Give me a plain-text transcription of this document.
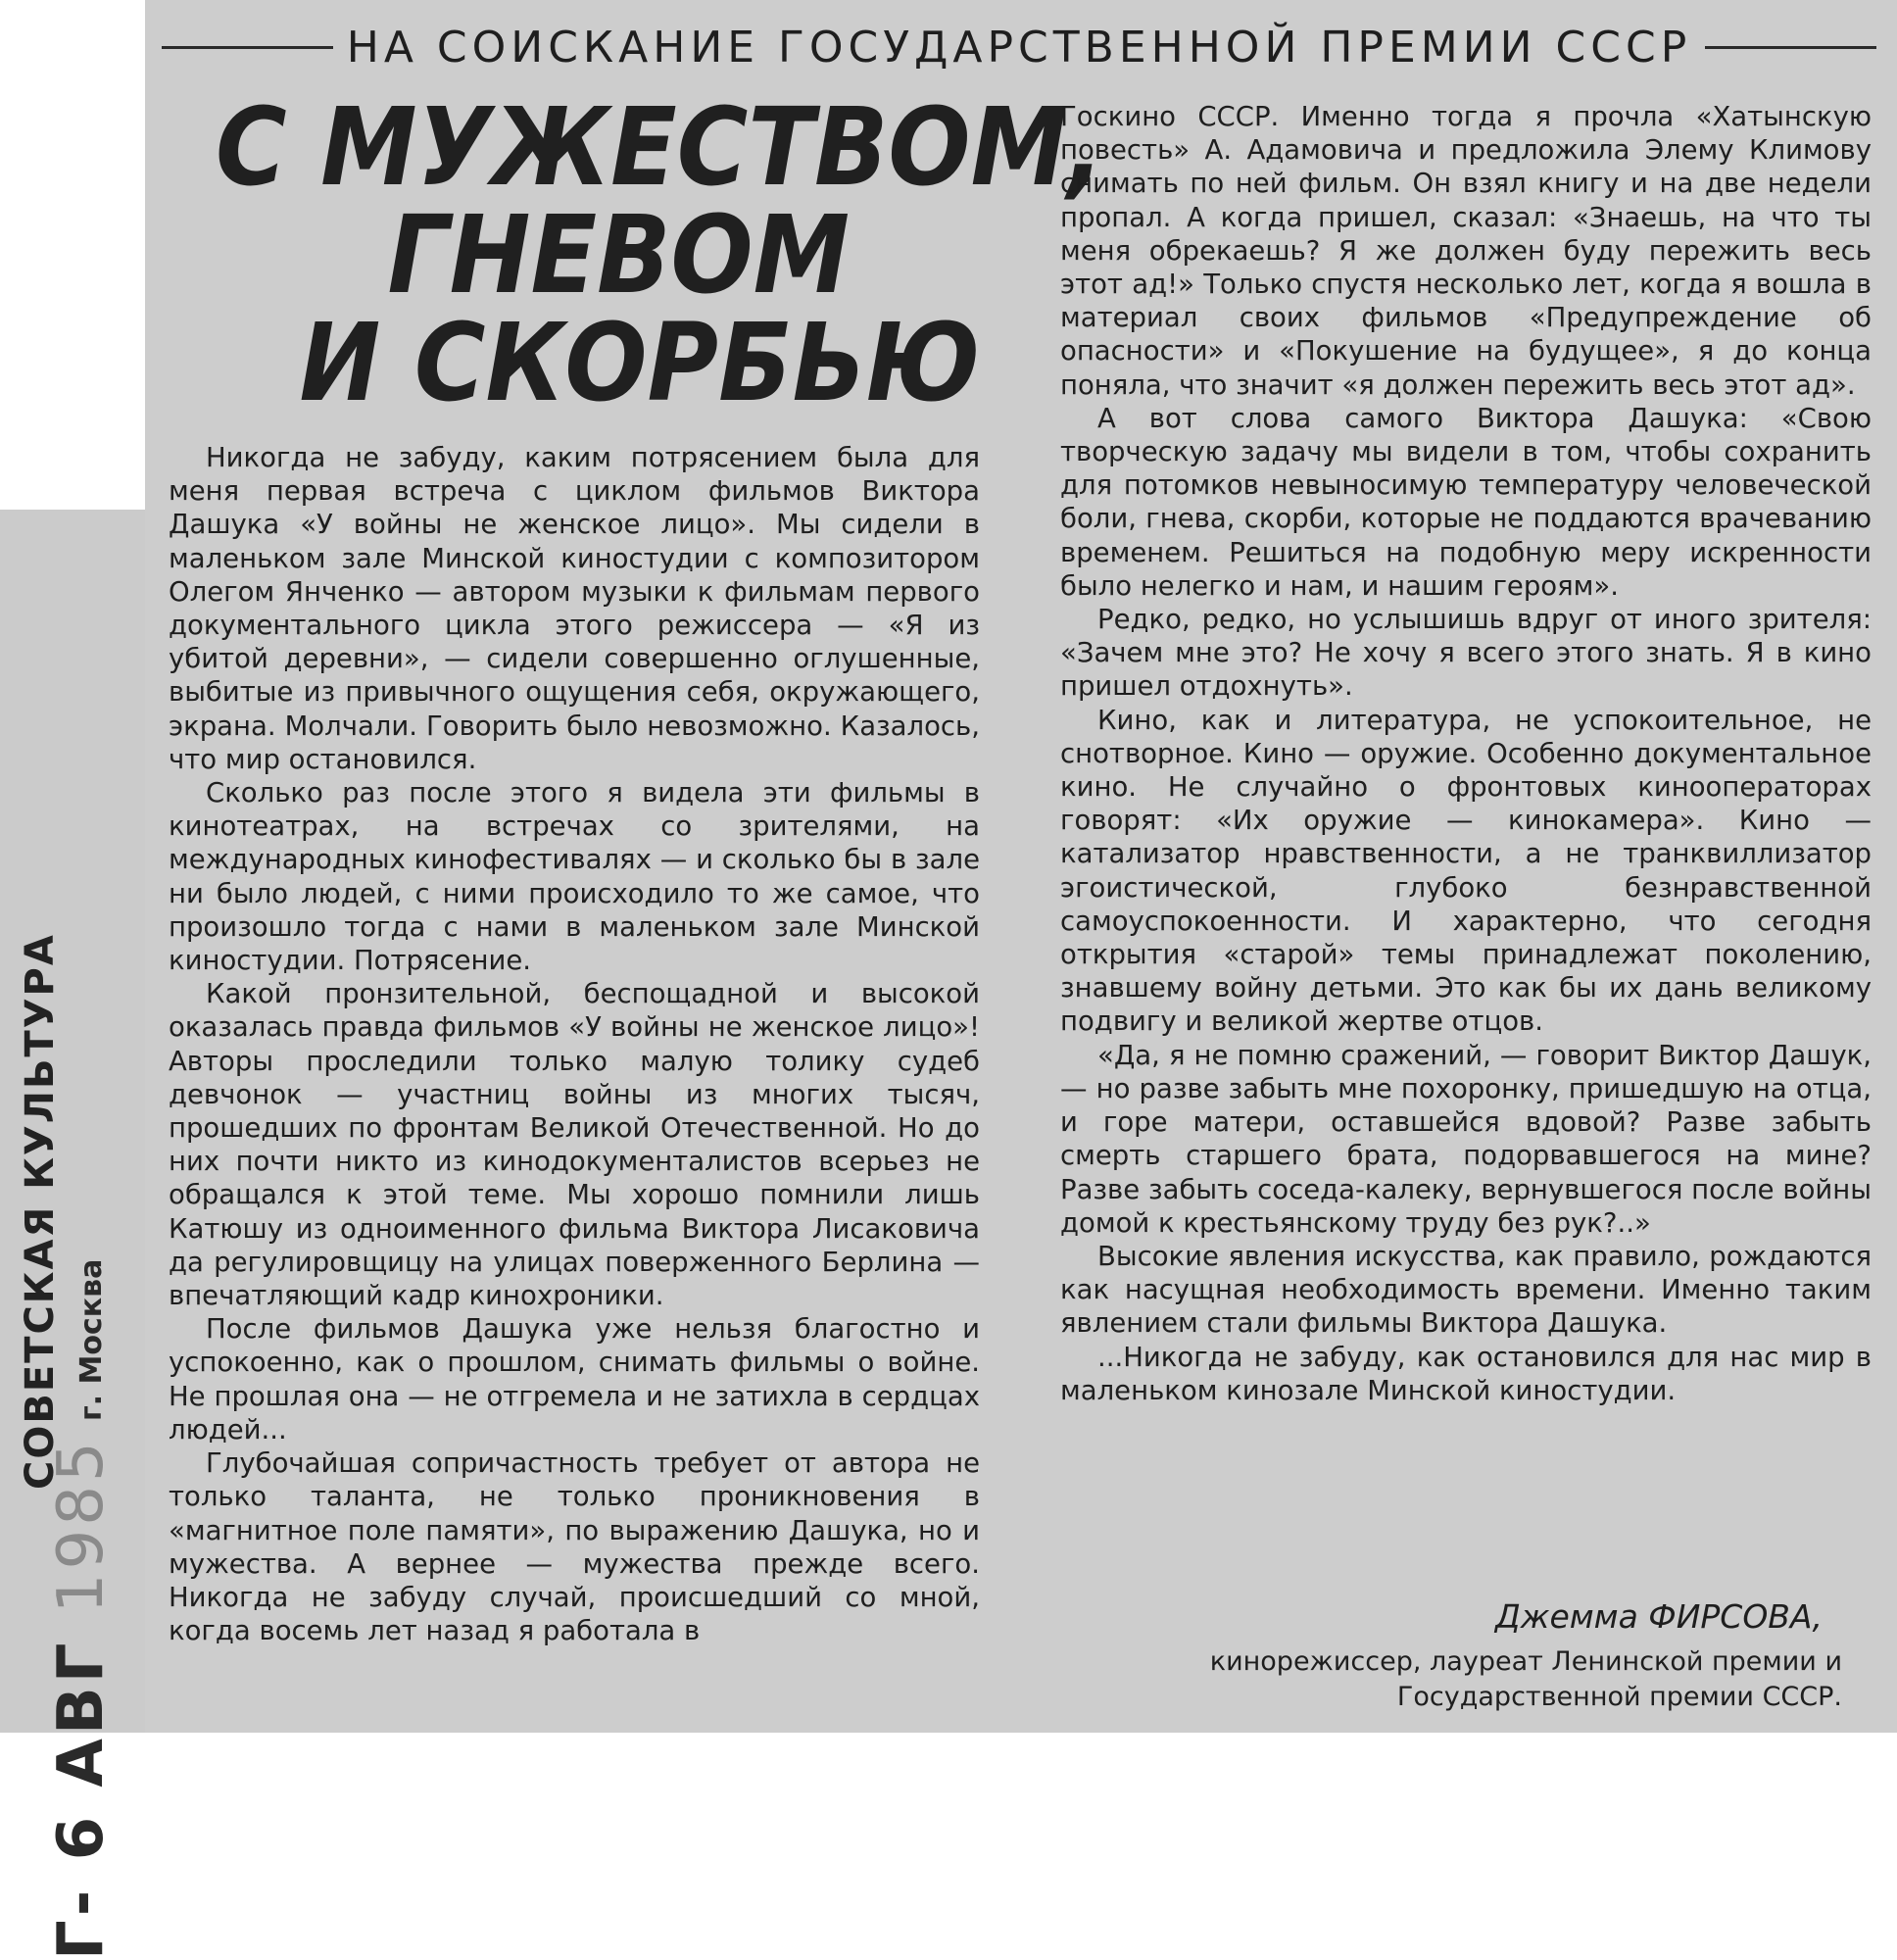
СОВЕТСКАЯ КУЛЬТУРА г. Москва
Г- 6 АВГ 1985
НА СОИСКАНИЕ ГОСУДАРСТВЕННОЙ ПРЕМИИ СССР
С МУЖЕСТВОМ,
ГНЕВОМ
И СКОРБЬЮ

Никогда не забуду, каким потрясением была для меня первая встреча с циклом фильмов Виктора Дашука «У войны не женское лицо». Мы сидели в маленьком зале Минской киностудии с композитором Олегом Янченко — автором музыки к фильмам первого документального цикла этого режиссера — «Я из убитой деревни», — сидели совершенно оглушенные, выбитые из привычного ощущения себя, окружающего, экрана. Молчали. Говорить было невозможно. Казалось, что мир остановился.

Сколько раз после этого я видела эти фильмы в кинотеатрах, на встречах со зрителями, на международных кинофестивалях — и сколько бы в зале ни было людей, с ними происходило то же самое, что произошло тогда с нами в маленьком зале Минской киностудии. Потрясение.

Какой пронзительной, беспощадной и высокой оказалась правда фильмов «У войны не женское лицо»! Авторы проследили только малую толику судеб девчонок — участниц войны из многих тысяч, прошедших по фронтам Великой Отечественной. Но до них почти никто из кинодокументалистов всерьез не обращался к этой теме. Мы хорошо помнили лишь Катюшу из одноименного фильма Виктора Лисаковича да регулировщицу на улицах поверженного Берлина — впечатляющий кадр кинохроники.

После фильмов Дашука уже нельзя благостно и успокоенно, как о прошлом, снимать фильмы о войне. Не прошлая она — не отгремела и не затихла в сердцах людей...

Глубочайшая сопричастность требует от автора не только таланта, не только проникновения в «магнитное поле памяти», по выражению Дашука, но и мужества. А вернее — мужества прежде всего. Никогда не забуду случай, происшедший со мной, когда восемь лет назад я работала в

Госкино СССР. Именно тогда я прочла «Хатынскую повесть» А. Адамовича и предложила Элему Климову снимать по ней фильм. Он взял книгу и на две недели пропал. А когда пришел, сказал: «Знаешь, на что ты меня обрекаешь? Я же должен буду пережить весь этот ад!» Только спустя несколько лет, когда я вошла в материал своих фильмов «Предупреждение об опасности» и «Покушение на будущее», я до конца поняла, что значит «я должен пережить весь этот ад».

А вот слова самого Виктора Дашука: «Свою творческую задачу мы видели в том, чтобы сохранить для потомков невыносимую температуру человеческой боли, гнева, скорби, которые не поддаются врачеванию временем. Решиться на подобную меру искренности было нелегко и нам, и нашим героям».

Редко, редко, но услышишь вдруг от иного зрителя: «Зачем мне это? Не хочу я всего этого знать. Я в кино пришел отдохнуть».

Кино, как и литература, не успокоительное, не снотворное. Кино — оружие. Особенно документальное кино. Не случайно о фронтовых кинооператорах говорят: «Их оружие — кинокамера». Кино — катализатор нравственности, а не транквиллизатор эгоистической, глубоко безнравственной самоуспокоенности. И характерно, что сегодня открытия «старой» темы принадлежат поколению, знавшему войну детьми. Это как бы их дань великому подвигу и великой жертве отцов.

«Да, я не помню сражений, — говорит Виктор Дашук, — но разве забыть мне похоронку, пришедшую на отца, и горе матери, оставшейся вдовой? Разве забыть смерть старшего брата, подорвавшегося на мине? Разве забыть соседа-калеку, вернувшегося после войны домой к крестьянскому труду без рук?..»

Высокие явления искусства, как правило, рождаются как насущная необходимость времени. Именно таким явлением стали фильмы Виктора Дашука.

...Никогда не забуду, как остановился для нас мир в маленьком кинозале Минской киностудии.

Джемма ФИРСОВА,
кинорежиссер, лауреат Ленинской премии и Государственной премии СССР.
